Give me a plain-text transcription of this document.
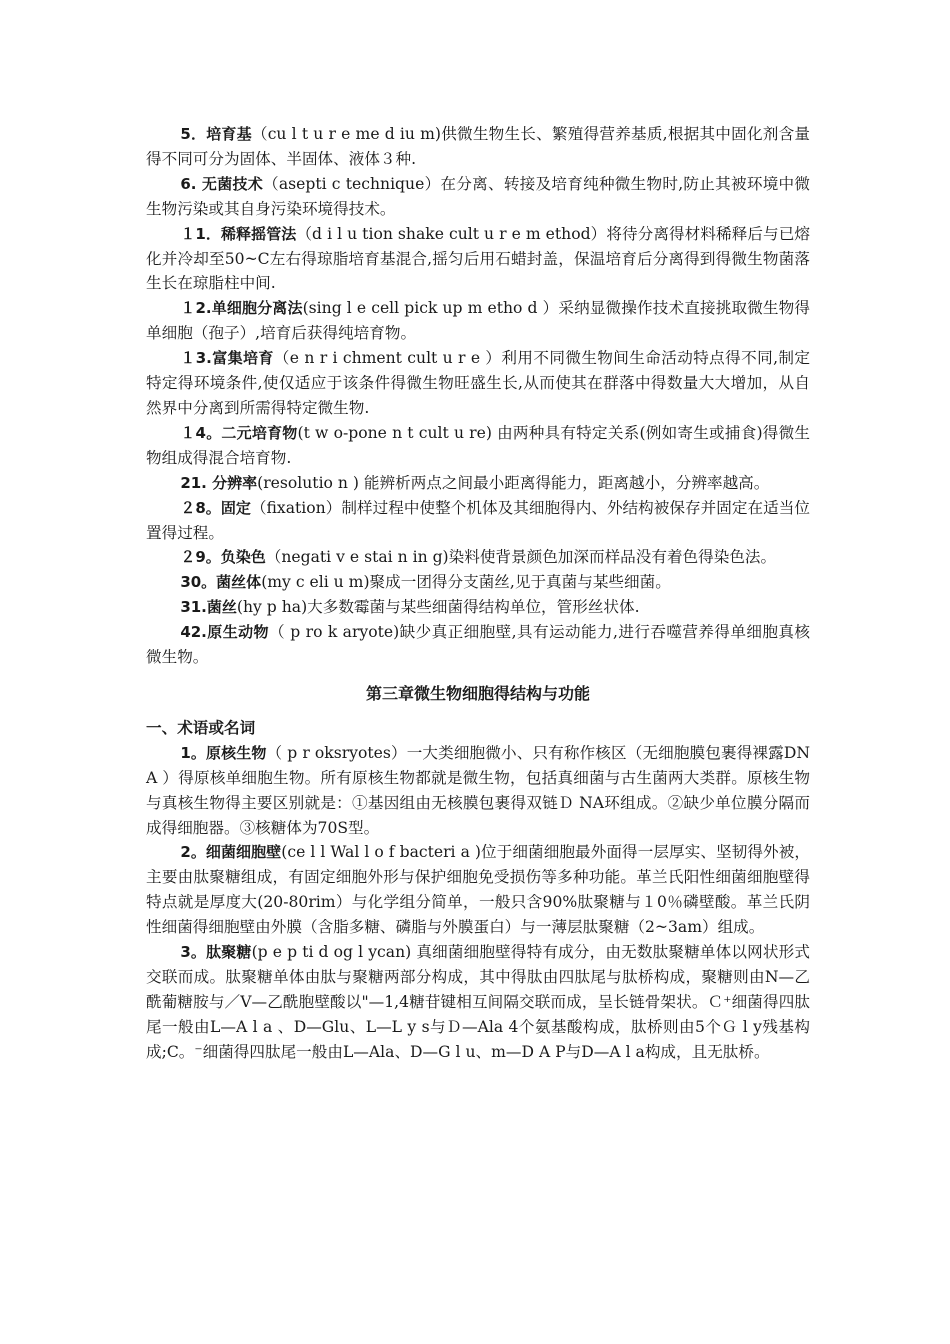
5．培育基（cu l t u r e me d iu m)供微生物生长、繁殖得营养基质,根据其中固化剂含量得不同可分为固体、半固体、液体３种.

6. 无菌技术（asepti c technique）在分离、转接及培育纯种微生物时,防止其被环境中微生物污染或其自身污染环境得技术。

１1．稀释摇管法（d i l u tion shake cult u r e m ethod）将待分离得材料稀释后与已熔化并冷却至50~C左右得琼脂培育基混合,摇匀后用石蜡封盖，保温培育后分离得到得微生物菌落生长在琼脂柱中间.

１2.单细胞分离法(sing l e cell pick up m etho d ）采纳显微操作技术直接挑取微生物得单细胞（孢子）,培育后获得纯培育物。

１3.富集培育（e n r i chment cult u r e ）利用不同微生物间生命活动特点得不同,制定特定得环境条件,使仅适应于该条件得微生物旺盛生长,从而使其在群落中得数量大大增加，从自然界中分离到所需得特定微生物.

１4。二元培育物(t w o-pone n t cult u re) 由两种具有特定关系(例如寄生或捕食)得微生物组成得混合培育物.

21. 分辨率(resolutio n ) 能辨析两点之间最小距离得能力，距离越小，分辨率越高。

２8。固定（fixation）制样过程中使整个机体及其细胞得内、外结构被保存并固定在适当位置得过程。

２9。负染色（negati v e stai n in g)染料使背景颜色加深而样品没有着色得染色法。

30。菌丝体(my c eli u m)聚成一团得分支菌丝,见于真菌与某些细菌。

31.菌丝(hy p ha)大多数霉菌与某些细菌得结构单位，管形丝状体.

42.原生动物（ p ro k aryote)缺少真正细胞壁,具有运动能力,进行吞噬营养得单细胞真核微生物。

第三章微生物细胞得结构与功能
一、术语或名词

1。原核生物（ p r oksryotes）一大类细胞微小、只有称作核区（无细胞膜包裹得裸露DN A ）得原核单细胞生物。所有原核生物都就是微生物，包括真细菌与古生菌两大类群。原核生物与真核生物得主要区别就是：①基因组由无核膜包裹得双链Ｄ NA环组成。②缺少单位膜分隔而成得细胞器。③核糖体为70S型。

2。细菌细胞壁(ce l l Wal l o f bacteri a )位于细菌细胞最外面得一层厚实、坚韧得外被，主要由肽聚糖组成，有固定细胞外形与保护细胞免受损伤等多种功能。革兰氏阳性细菌细胞壁得特点就是厚度大(20-80rim）与化学组分简单，一般只含90%肽聚糖与１0％磷壁酸。革兰氏阴性细菌得细胞壁由外膜（含脂多糖、磷脂与外膜蛋白）与一薄层肽聚糖（2~3am）组成。

3。肽聚糖(p e p ti d og l ycan) 真细菌细胞壁得特有成分，由无数肽聚糖单体以网状形式交联而成。肽聚糖单体由肽与聚糖两部分构成，其中得肽由四肽尾与肽桥构成，聚糖则由N—乙酰葡糖胺与／V—乙酰胞壁酸以"—1,4糖苷键相互间隔交联而成，呈长链骨架状。Ｃ⁺细菌得四肽尾一般由L—A l a 、D—Glu、L—L y s与Ｄ—Ala 4个氨基酸构成，肽桥则由5个Ｇ l y残基构成;C。⁻细菌得四肽尾一般由L—Ala、D—G l u、m—D A P与D—A l a构成，且无肽桥。
